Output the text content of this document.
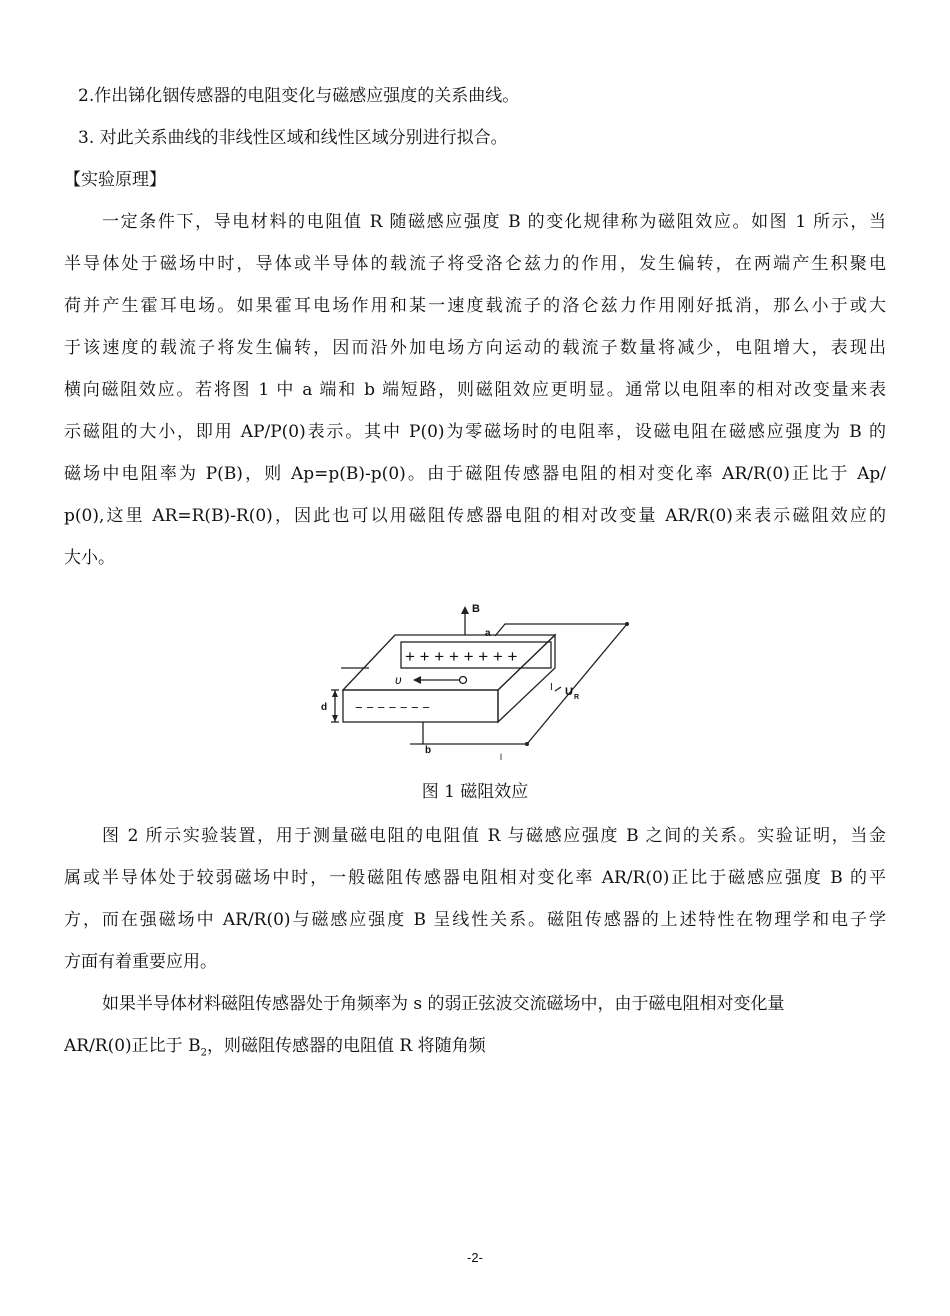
2.作出锑化铟传感器的电阻变化与磁感应强度的关系曲线。
3. 对此关系曲线的非线性区域和线性区域分别进行拟合。
【实验原理】
一定条件下，导电材料的电阻值 R 随磁感应强度 B 的变化规律称为磁阻效应。如图 1 所示，当
半导体处于磁场中时，导体或半导体的载流子将受洛仑兹力的作用，发生偏转，在两端产生积聚电
荷并产生霍耳电场。如果霍耳电场作用和某一速度载流子的洛仑兹力作用刚好抵消，那么小于或大
于该速度的载流子将发生偏转，因而沿外加电场方向运动的载流子数量将减少，电阻增大，表现出
横向磁阻效应。若将图 1 中 a 端和 b 端短路，则磁阻效应更明显。通常以电阻率的相对改变量来表
示磁阻的大小，即用 AP/P(0)表示。其中 P(0)为零磁场时的电阻率，设磁电阻在磁感应强度为 B 的
磁场中电阻率为 P(B)，则 Ap=p(B)-p(0)。由于磁阻传感器电阻的相对变化率 AR/R(0)正比于 Ap/
p(0),这里 AR=R(B)-R(0)，因此也可以用磁阻传感器电阻的相对改变量 AR/R(0)来表示磁阻效应的
大小。
B
a
b
d
υ
I U R
l
+ + + + + + + +
− − − − − − −
图 1 磁阻效应
图 2 所示实验装置，用于测量磁电阻的电阻值 R 与磁感应强度 B 之间的关系。实验证明，当金
属或半导体处于较弱磁场中时，一般磁阻传感器电阻相对变化率 AR/R(0)正比于磁感应强度 B 的平
方，而在强磁场中 AR/R(0)与磁感应强度 B 呈线性关系。磁阻传感器的上述特性在物理学和电子学
方面有着重要应用。
如果半导体材料磁阻传感器处于角频率为 s 的弱正弦波交流磁场中，由于磁电阻相对变化量
AR/R(0)正比于 $B_2$，则磁阻传感器的电阻值 R 将随角频
-2-
